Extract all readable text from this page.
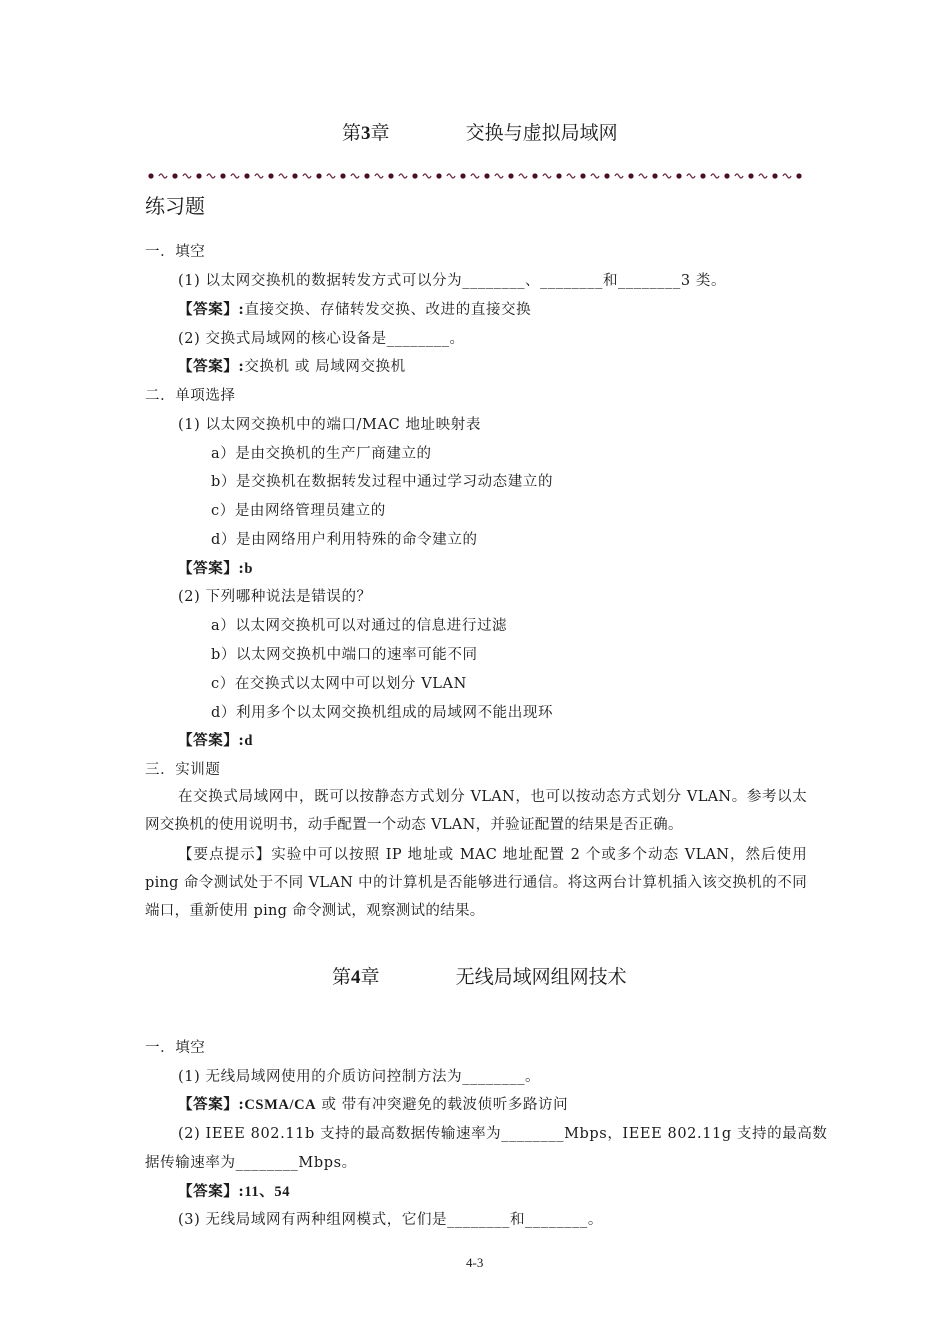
第3章	交换与虚拟局域网
练习题
一．填空
(1) 以太网交换机的数据转发方式可以分为________、________和________3 类。
【答案】:直接交换、存储转发交换、改进的直接交换
(2) 交换式局域网的核心设备是________。
【答案】:交换机 或 局域网交换机
二．单项选择
(1) 以太网交换机中的端口/MAC 地址映射表
a）是由交换机的生产厂商建立的
b）是交换机在数据转发过程中通过学习动态建立的
c）是由网络管理员建立的
d）是由网络用户利用特殊的命令建立的
【答案】:b
(2) 下列哪种说法是错误的？
a）以太网交换机可以对通过的信息进行过滤
b）以太网交换机中端口的速率可能不同
c）在交换式以太网中可以划分 VLAN
d）利用多个以太网交换机组成的局域网不能出现环
【答案】:d
三．实训题

在交换式局域网中，既可以按静态方式划分 VLAN，也可以按动态方式划分 VLAN。参考以太网交换机的使用说明书，动手配置一个动态 VLAN，并验证配置的结果是否正确。

【要点提示】实验中可以按照 IP 地址或 MAC 地址配置 2 个或多个动态 VLAN，然后使用 ping 命令测试处于不同 VLAN 中的计算机是否能够进行通信。将这两台计算机插入该交换机的不同端口，重新使用 ping 命令测试，观察测试的结果。

第4章	无线局域网组网技术
一．填空
(1) 无线局域网使用的介质访问控制方法为________。
【答案】:CSMA/CA 或 带有冲突避免的载波侦听多路访问
(2) IEEE 802.11b 支持的最高数据传输速率为________Mbps，IEEE 802.11g 支持的最高数
据传输速率为________Mbps。
【答案】:11、54
(3) 无线局域网有两种组网模式，它们是________和________。
4-3
